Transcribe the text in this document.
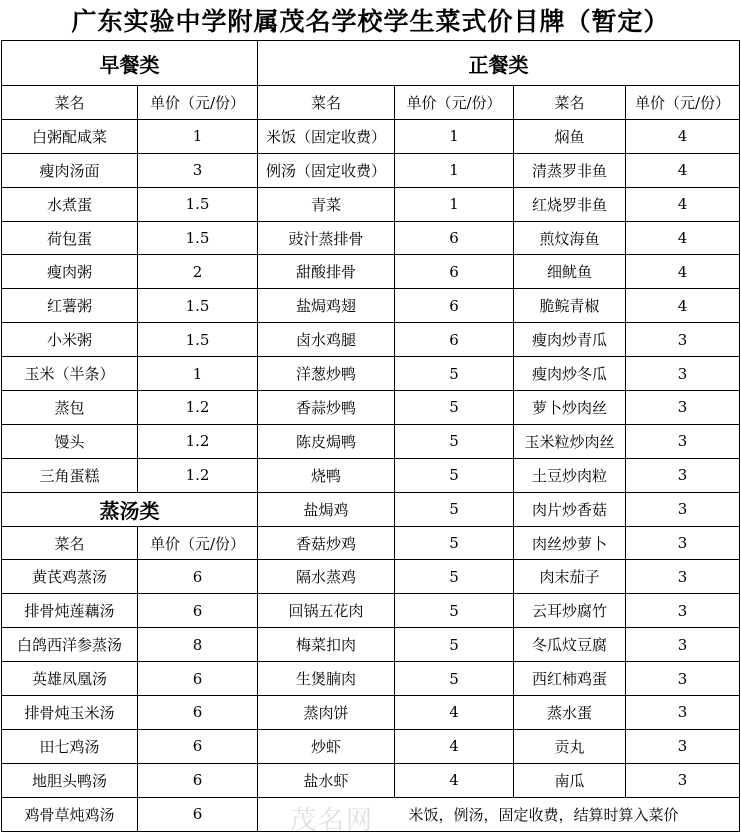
广东实验中学附属茂名学校学生菜式价目牌（暂定）
早餐类		正餐类			
菜名	单价（元/份）	菜名	单价（元/份）	菜名	单价（元/份）
白粥配咸菜	1	米饭（固定收费）	1	焖鱼	4
瘦肉汤面	3	例汤（固定收费）	1	清蒸罗非鱼	4
水煮蛋	1.5	青菜	1	红烧罗非鱼	4
荷包蛋	1.5	豉汁蒸排骨	6	煎炆海鱼	4
瘦肉粥	2	甜酸排骨	6	细鱿鱼	4
红薯粥	1.5	盐焗鸡翅	6	脆鲩青椒	4
小米粥	1.5	卤水鸡腿	6	瘦肉炒青瓜	3
玉米（半条）	1	洋葱炒鸭	5	瘦肉炒冬瓜	3
蒸包	1.2	香蒜炒鸭	5	萝卜炒肉丝	3
馒头	1.2	陈皮焗鸭	5	玉米粒炒肉丝	3
三角蛋糕	1.2	烧鸭	5	土豆炒肉粒	3
蒸汤类		盐焗鸡	5	肉片炒香菇	3
菜名	单价（元/份）	香菇炒鸡	5	肉丝炒萝卜	3
黄芪鸡蒸汤	6	隔水蒸鸡	5	肉末茄子	3
排骨炖莲藕汤	6	回锅五花肉	5	云耳炒腐竹	3
白鸽西洋参蒸汤	8	梅菜扣肉	5	冬瓜炆豆腐	3
英雄凤凰汤	6	生煲腩肉	5	西红柿鸡蛋	3
排骨炖玉米汤	6	蒸肉饼	4	蒸水蛋	3
田七鸡汤	6	炒虾	4	贡丸	3
地胆头鸭汤	6	盐水虾	4	南瓜	3
鸡骨草炖鸡汤	6	米饭，例汤，固定收费，结算时算入菜价			
茂名网
